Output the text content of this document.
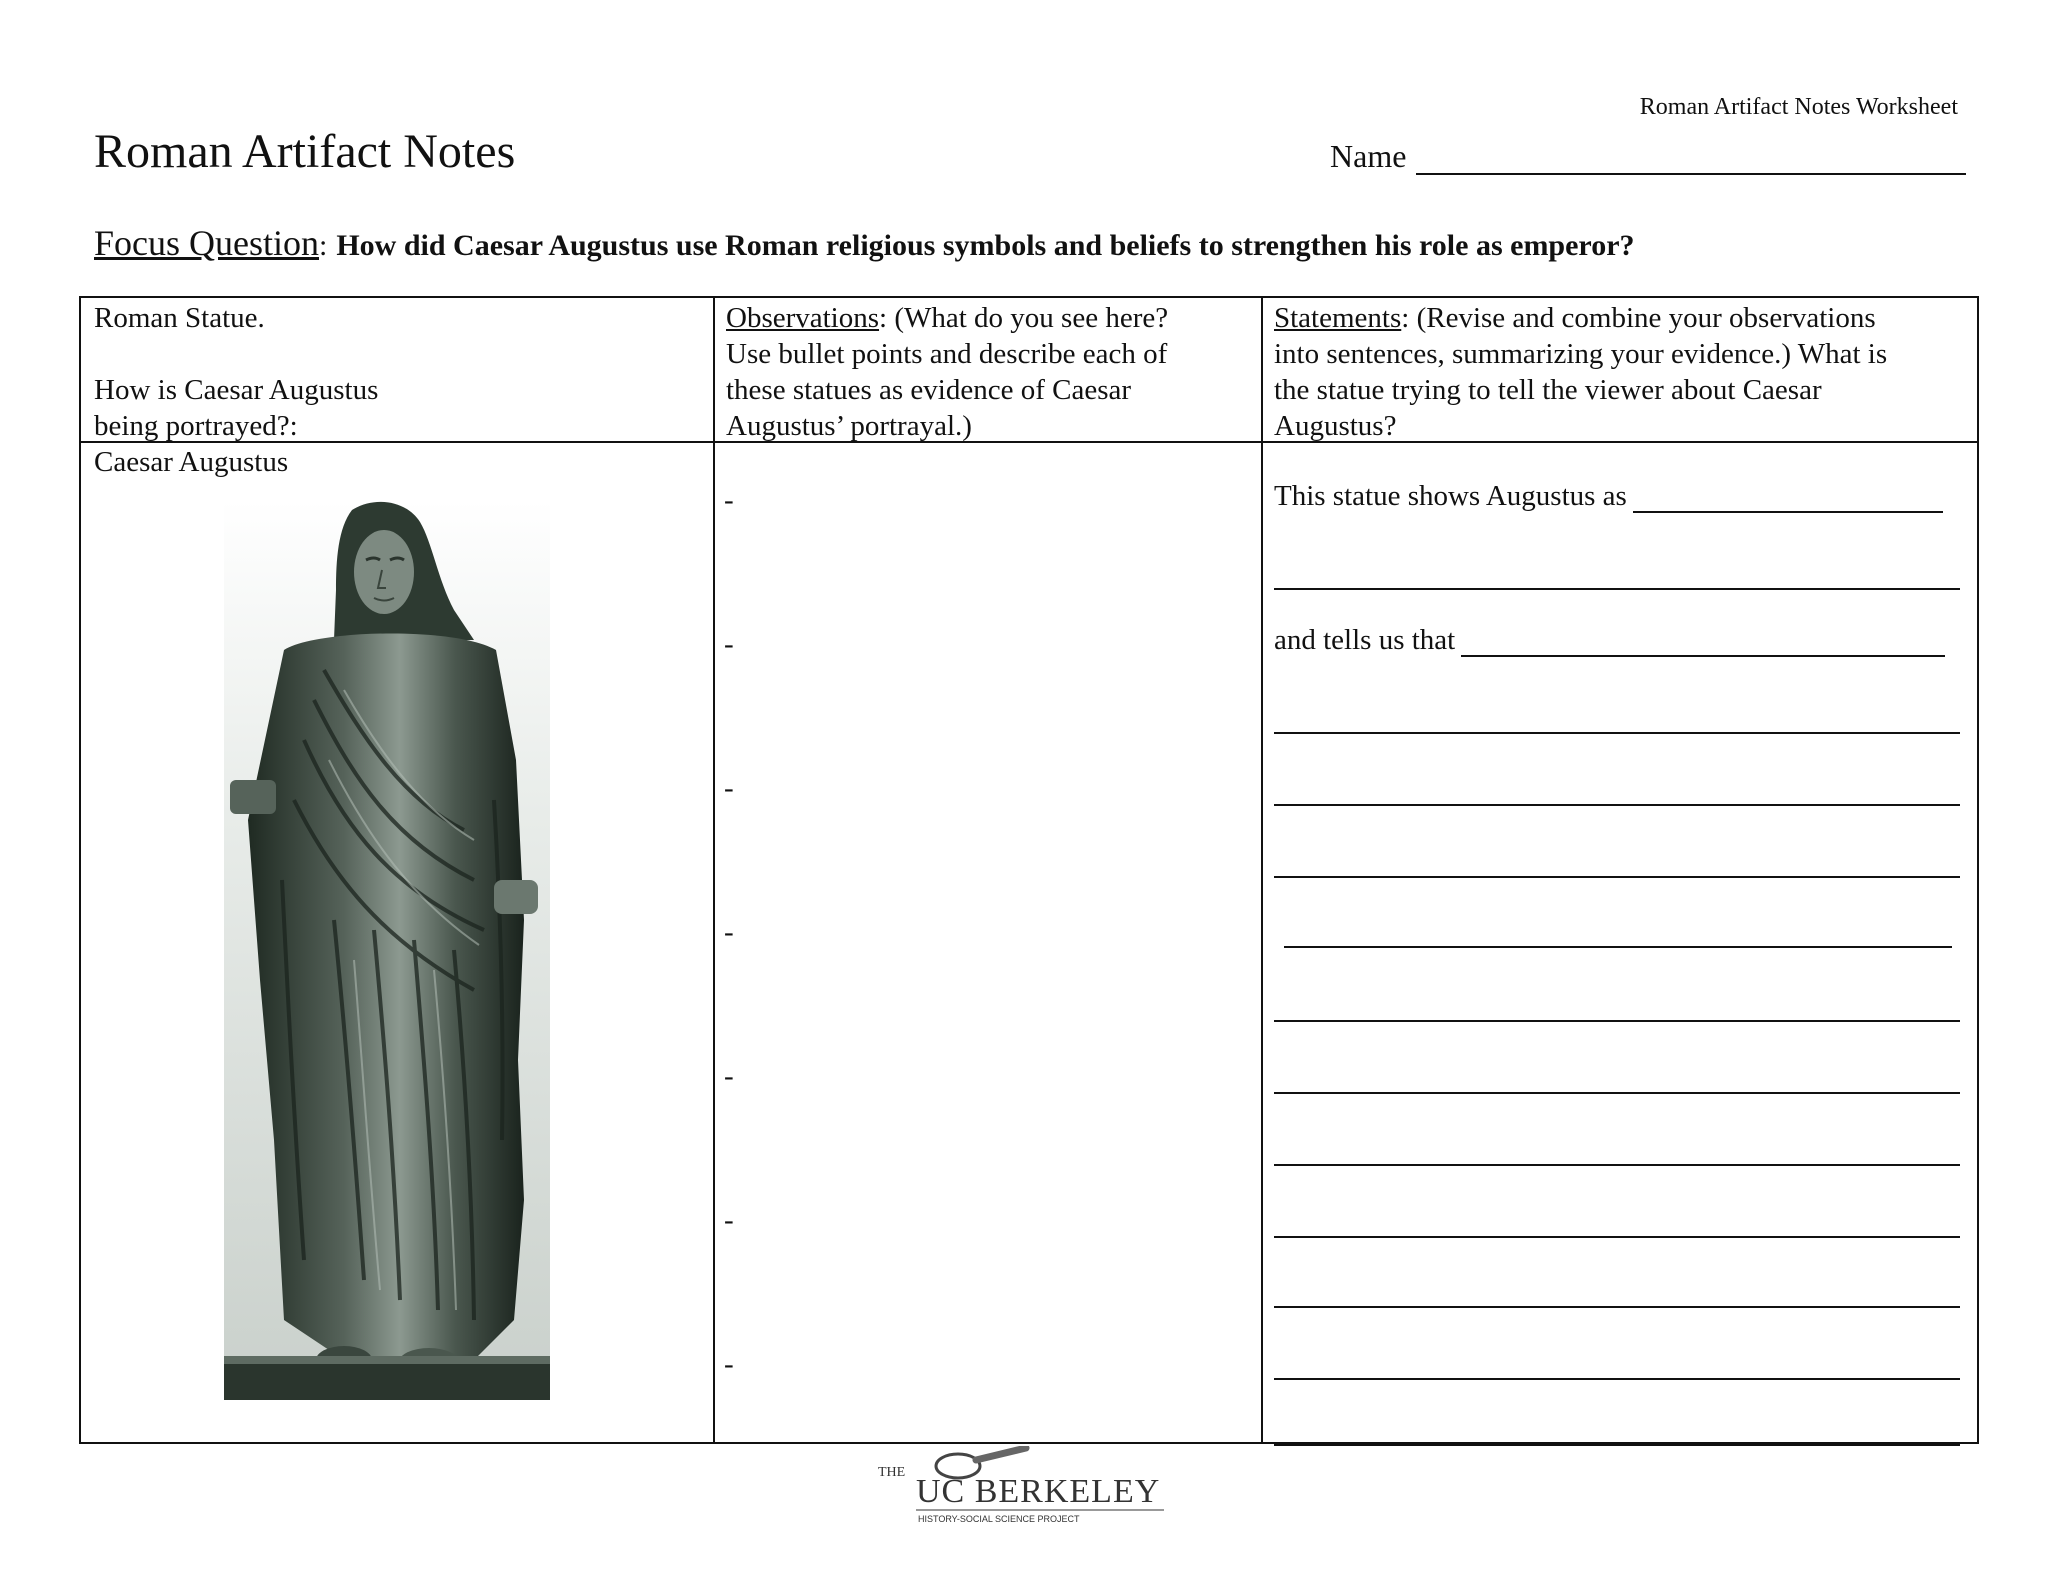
Roman Artifact Notes Worksheet
Roman Artifact Notes	Name
Focus Question: How did Caesar Augustus use Roman religious symbols and beliefs to strengthen his role as emperor?
Roman Statue.
How is Caesar Augustus
being portrayed?:
Observations: (What do you see here?
Use bullet points and describe each of
these statues as evidence of Caesar
Augustus’ portrayal.)
Statements: (Revise and combine your observations
into sentences, summarizing your evidence.) What is
the statue trying to tell the viewer about Caesar
Augustus?
Caesar Augustus
-
-
-
-
-
-
-
This statue shows Augustus as
and tells us that
THE
UC BERKELEY
HISTORY-SOCIAL SCIENCE PROJECT
